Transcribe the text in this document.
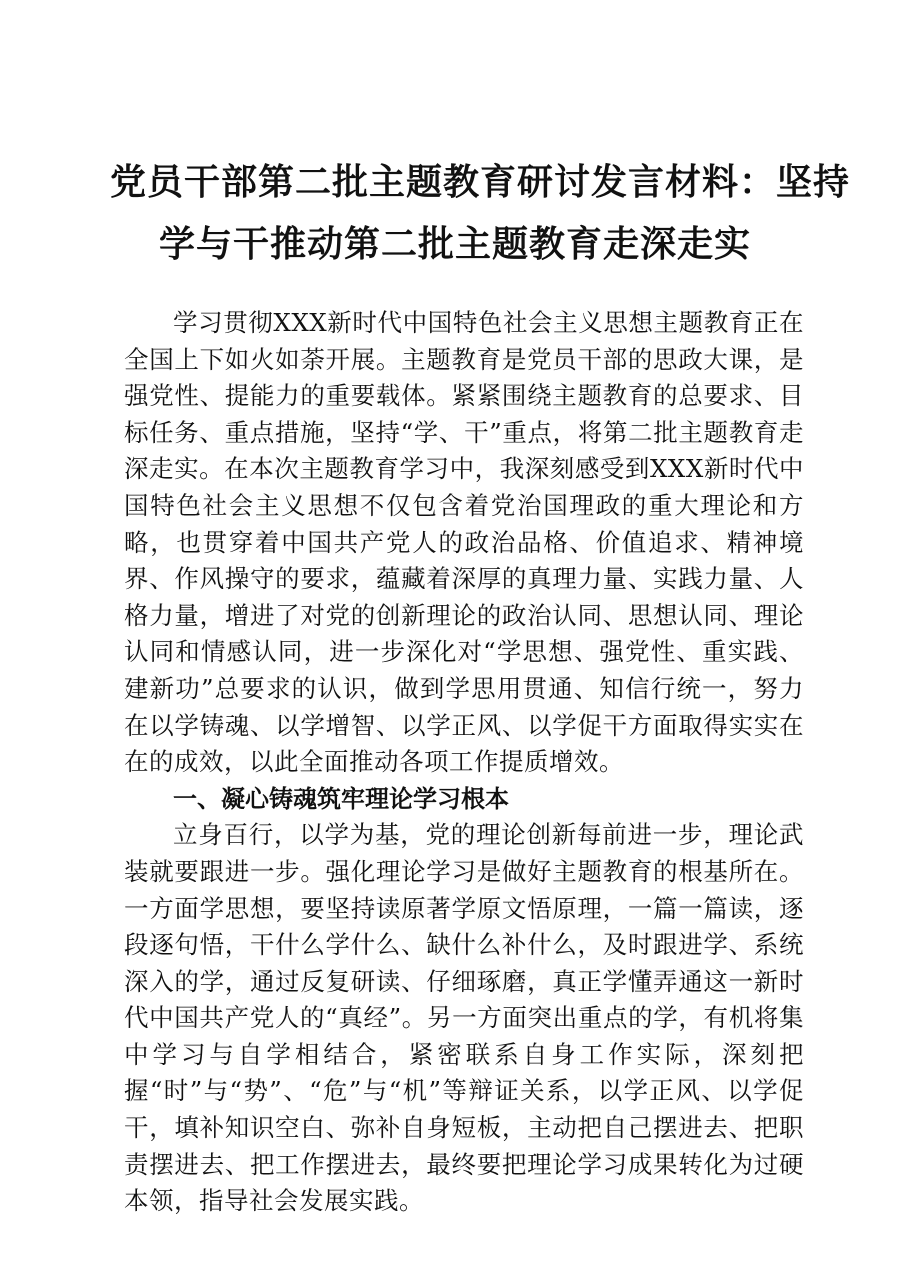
党员干部第二批主题教育研讨发言材料：坚持
学与干推动第二批主题教育走深走实

学习贯彻XXX新时代中国特色社会主义思想主题教育正在全国上下如火如荼开展。主题教育是党员干部的思政大课，是强党性、提能力的重要载体。紧紧围绕主题教育的总要求、目标任务、重点措施，坚持“学、干”重点，将第二批主题教育走深走实。在本次主题教育学习中，我深刻感受到XXX新时代中国特色社会主义思想不仅包含着党治国理政的重大理论和方略，也贯穿着中国共产党人的政治品格、价值追求、精神境界、作风操守的要求，蕴藏着深厚的真理力量、实践力量、人格力量，增进了对党的创新理论的政治认同、思想认同、理论认同和情感认同，进一步深化对“学思想、强党性、重实践、建新功”总要求的认识，做到学思用贯通、知信行统一，努力在以学铸魂、以学增智、以学正风、以学促干方面取得实实在在的成效，以此全面推动各项工作提质增效。

一、凝心铸魂筑牢理论学习根本

立身百行，以学为基，党的理论创新每前进一步，理论武装就要跟进一步。强化理论学习是做好主题教育的根基所在。一方面学思想，要坚持读原著学原文悟原理，一篇一篇读，逐段逐句悟，干什么学什么、缺什么补什么，及时跟进学、系统深入的学，通过反复研读、仔细琢磨，真正学懂弄通这一新时代中国共产党人的“真经”。另一方面突出重点的学，有机将集中学习与自学相结合，紧密联系自身工作实际，深刻把握“时”与“势”、“危”与“机”等辩证关系，以学正风、以学促干，填补知识空白、弥补自身短板，主动把自己摆进去、把职责摆进去、把工作摆进去，最终要把理论学习成果转化为过硬本领，指导社会发展实践。
